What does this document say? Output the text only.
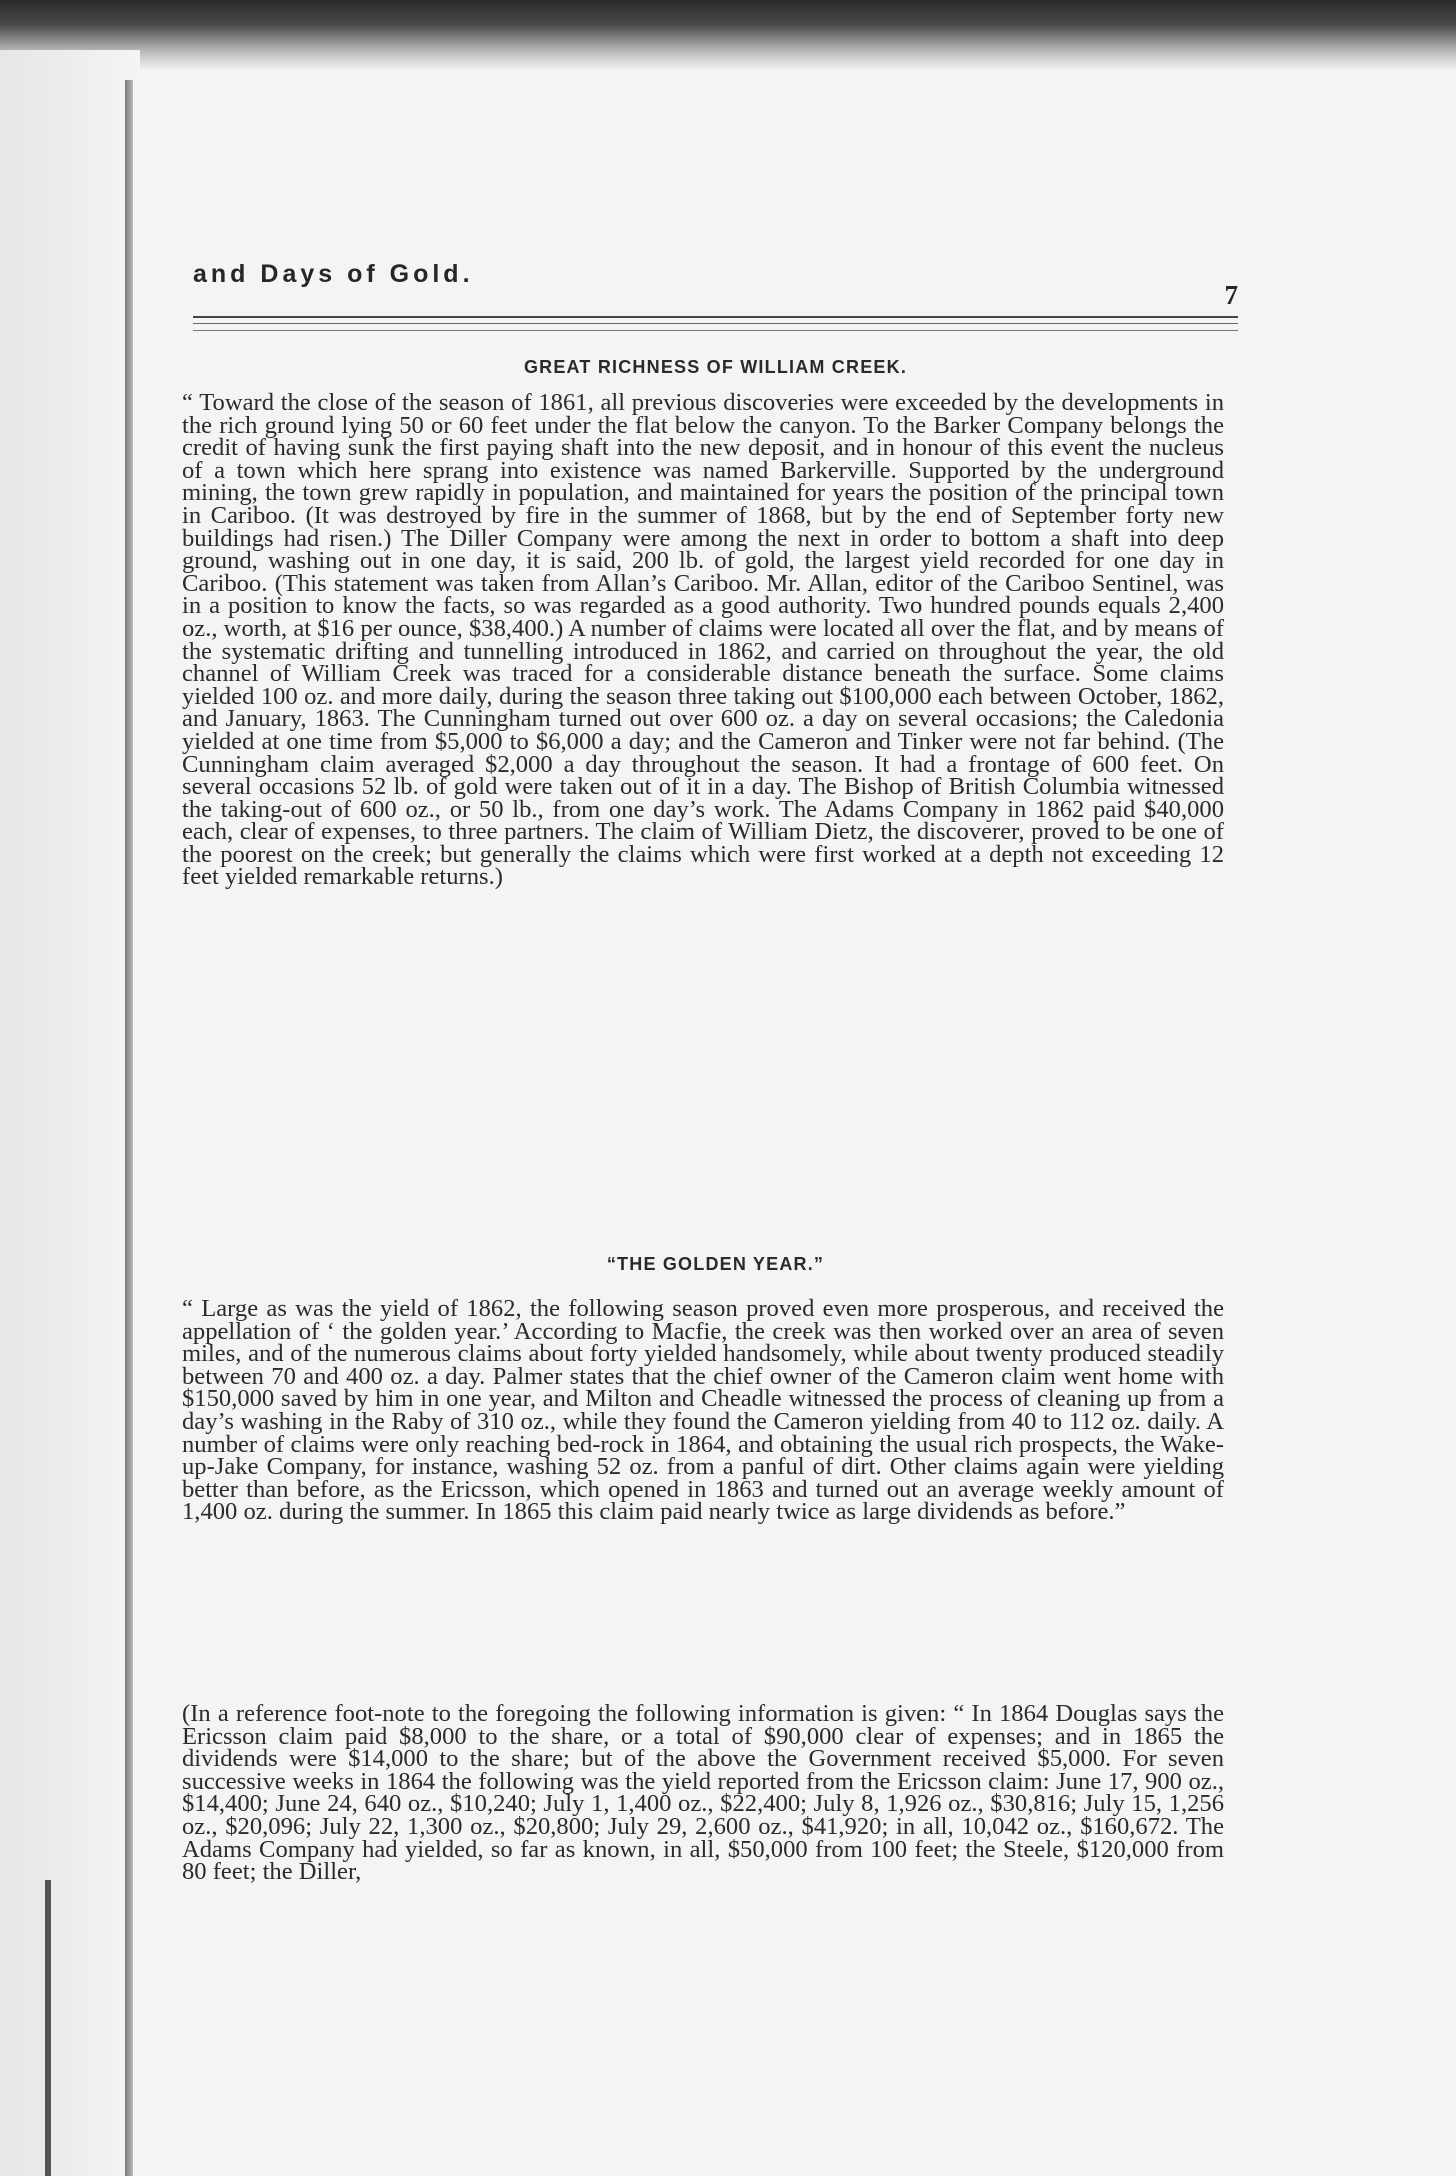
and Days of Gold.
7
GREAT RICHNESS OF WILLIAM CREEK.

“ Toward the close of the season of 1861, all previous discoveries were exceeded by the developments in the rich ground lying 50 or 60 feet under the flat below the canyon. To the Barker Company belongs the credit of having sunk the first paying shaft into the new deposit, and in honour of this event the nucleus of a town which here sprang into existence was named Barkerville. Supported by the underground mining, the town grew rapidly in population, and maintained for years the position of the principal town in Cariboo. (It was destroyed by fire in the summer of 1868, but by the end of September forty new buildings had risen.) The Diller Company were among the next in order to bottom a shaft into deep ground, washing out in one day, it is said, 200 lb. of gold, the largest yield recorded for one day in Cariboo. (This statement was taken from Allan’s Cariboo. Mr. Allan, editor of the Cariboo Sentinel, was in a position to know the facts, so was regarded as a good authority. Two hundred pounds equals 2,400 oz., worth, at $16 per ounce, $38,400.) A number of claims were located all over the flat, and by means of the systematic drifting and tunnelling introduced in 1862, and carried on throughout the year, the old channel of William Creek was traced for a considerable distance beneath the surface. Some claims yielded 100 oz. and more daily, during the season three taking out $100,000 each between October, 1862, and January, 1863. The Cunningham turned out over 600 oz. a day on several occasions; the Caledonia yielded at one time from $5,000 to $6,000 a day; and the Cameron and Tinker were not far behind. (The Cunningham claim averaged $2,000 a day throughout the season. It had a frontage of 600 feet. On several occasions 52 lb. of gold were taken out of it in a day. The Bishop of British Columbia witnessed the taking-out of 600 oz., or 50 lb., from one day’s work. The Adams Company in 1862 paid $40,000 each, clear of expenses, to three partners. The claim of William Dietz, the discoverer, proved to be one of the poorest on the creek; but generally the claims which were first worked at a depth not exceeding 12 feet yielded remarkable returns.)

“THE GOLDEN YEAR.”

“ Large as was the yield of 1862, the following season proved even more prosperous, and received the appellation of ‘ the golden year.’ According to Macfie, the creek was then worked over an area of seven miles, and of the numerous claims about forty yielded handsomely, while about twenty produced steadily between 70 and 400 oz. a day. Palmer states that the chief owner of the Cameron claim went home with $150,000 saved by him in one year, and Milton and Cheadle witnessed the process of cleaning up from a day’s washing in the Raby of 310 oz., while they found the Cameron yielding from 40 to 112 oz. daily. A number of claims were only reaching bed-rock in 1864, and obtaining the usual rich prospects, the Wake-up-Jake Company, for instance, washing 52 oz. from a panful of dirt. Other claims again were yielding better than before, as the Ericsson, which opened in 1863 and turned out an average weekly amount of 1,400 oz. during the summer. In 1865 this claim paid nearly twice as large dividends as before.”

(In a reference foot-note to the foregoing the following information is given: “ In 1864 Douglas says the Ericsson claim paid $8,000 to the share, or a total of $90,000 clear of expenses; and in 1865 the dividends were $14,000 to the share; but of the above the Government received $5,000. For seven successive weeks in 1864 the following was the yield reported from the Ericsson claim: June 17, 900 oz., $14,400; June 24, 640 oz., $10,240; July 1, 1,400 oz., $22,400; July 8, 1,926 oz., $30,816; July 15, 1,256 oz., $20,096; July 22, 1,300 oz., $20,800; July 29, 2,600 oz., $41,920; in all, 10,042 oz., $160,672. The Adams Company had yielded, so far as known, in all, $50,000 from 100 feet; the Steele, $120,000 from 80 feet; the Diller,
